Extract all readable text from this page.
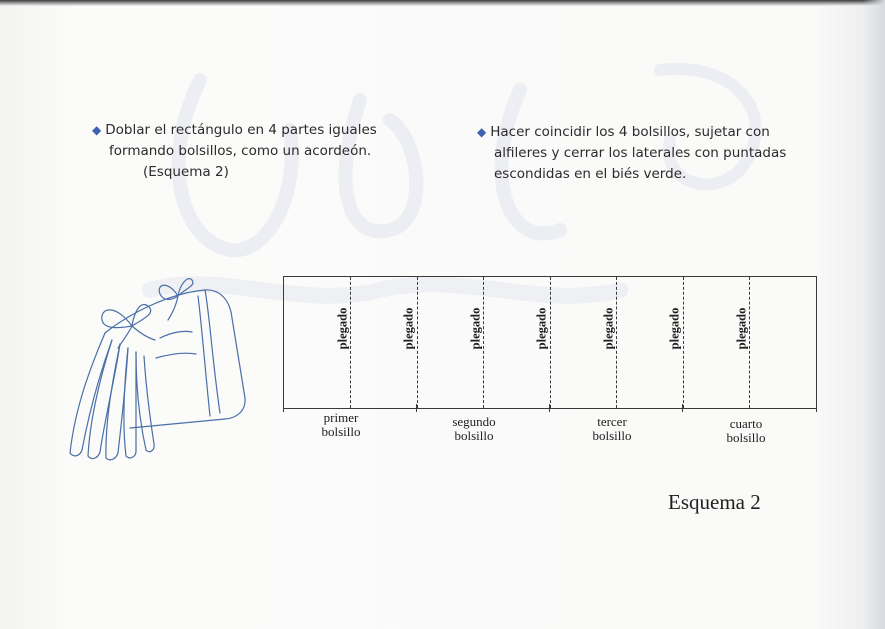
◆ Doblar el rectángulo en 4 partes iguales

formando bolsillos, como un acordeón.

(Esquema 2)

◆ Hacer coincidir los 4 bolsillos, sujetar con

alfileres y cerrar los laterales con puntadas

escondidas en el biés verde.

plegado	plegado	plegado	plegado	plegado	plegado	plegado
primer
bolsillo
segundo
bolsillo
tercer
bolsillo
cuarto
bolsillo
Esquema 2
